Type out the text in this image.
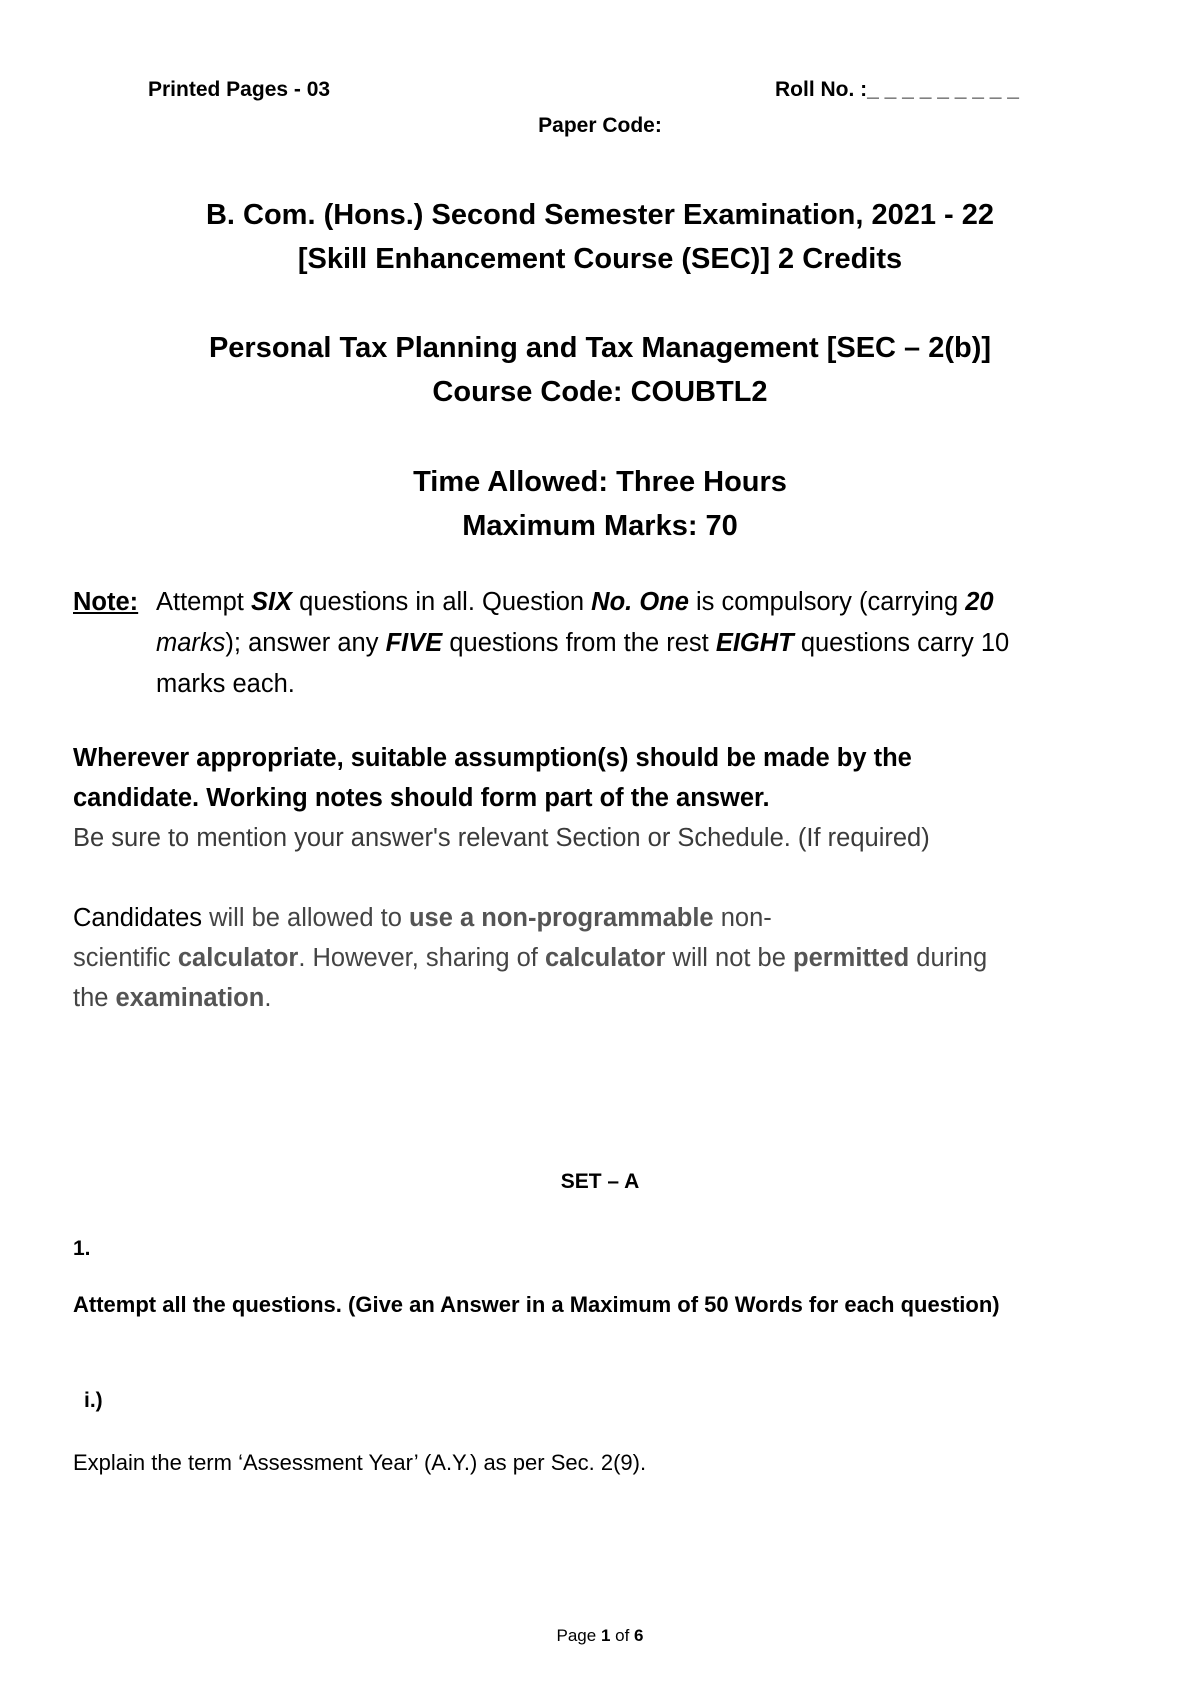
Printed Pages - 03	Roll No. :_ _ _ _ _ _ _ _ _
Paper Code:
B. Com. (Hons.) Second Semester Examination, 2021 - 22
[Skill Enhancement Course (SEC)] 2 Credits
Personal Tax Planning and Tax Management [SEC – 2(b)]
Course Code: COUBTL2
Time Allowed: Three Hours
Maximum Marks: 70
Note: Attempt SIX questions in all. Question No. One is compulsory (carrying 20
marks); answer any FIVE questions from the rest EIGHT questions carry 10
marks each.
Wherever appropriate, suitable assumption(s) should be made by the
candidate. Working notes should form part of the answer.
Be sure to mention your answer's relevant Section or Schedule. (If required)
Candidates will be allowed to use a non-programmable non-
scientific calculator. However, sharing of calculator will not be permitted during
the examination.
SET – A
1.
Attempt all the questions. (Give an Answer in a Maximum of 50 Words for each question)
i.)
Explain the term ‘Assessment Year’ (A.Y.) as per Sec. 2(9).
Page 1 of 6
